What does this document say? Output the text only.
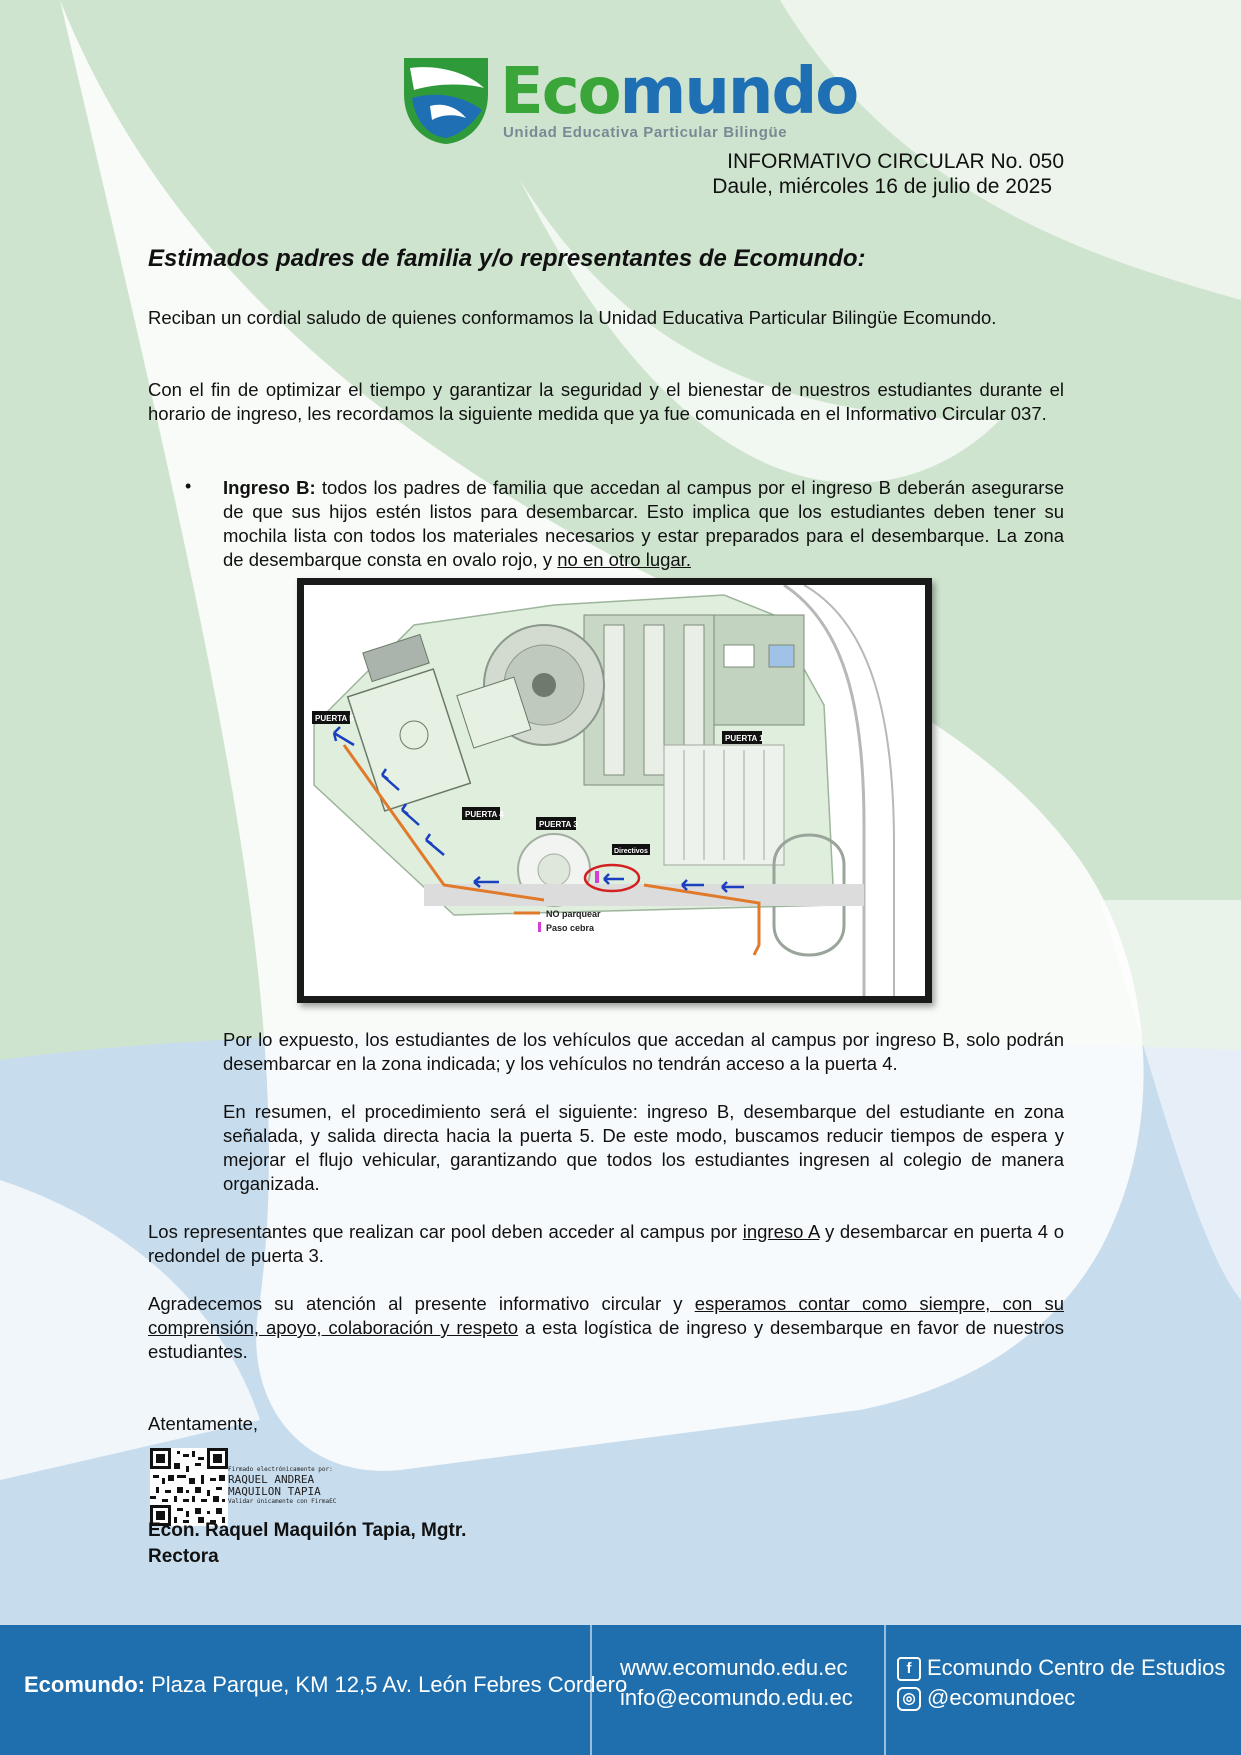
Ecomundo
Unidad Educativa Particular Bilingüe
INFORMATIVO CIRCULAR No. 050
Daule, miércoles 16 de julio de 2025
Estimados padres de familia y/o representantes de Ecomundo:

Reciban un cordial saludo de quienes conformamos la Unidad Educativa Particular Bilingüe Ecomundo.

Con el fin de optimizar el tiempo y garantizar la seguridad y el bienestar de nuestros estudiantes durante el horario de ingreso, les recordamos la siguiente medida que ya fue comunicada en el Informativo Circular 037.

• Ingreso B: todos los padres de familia que accedan al campus por el ingreso B deberán asegurarse de que sus hijos estén listos para desembarcar. Esto implica que los estudiantes deben tener su mochila lista con todos los materiales necesarios y estar preparados para el desembarque. La zona de desembarque consta en ovalo rojo, y no en otro lugar.
PUERTA 5
PUERTA 4
PUERTA 3
PUERTA 1
Directivos
NO parquear
Paso cebra

Por lo expuesto, los estudiantes de los vehículos que accedan al campus por ingreso B, solo podrán desembarcar en la zona indicada; y los vehículos no tendrán acceso a la puerta 4.

En resumen, el procedimiento será el siguiente: ingreso B, desembarque del estudiante en zona señalada, y salida directa hacia la puerta 5. De este modo, buscamos reducir tiempos de espera y mejorar el flujo vehicular, garantizando que todos los estudiantes ingresen al colegio de manera organizada.

Los representantes que realizan car pool deben acceder al campus por ingreso A y desembarcar en puerta 4 o redondel de puerta 3.

Agradecemos su atención al presente informativo circular y esperamos contar como siempre, con su comprensión, apoyo, colaboración y respeto a esta logística de ingreso y desembarque en favor de nuestros estudiantes.

Atentamente,
Firmado electrónicamente por:
RAQUEL ANDREA
MAQUILON TAPIA
Validar únicamente con FirmaEC
Econ. Raquel Maquilón Tapia, Mgtr.
Rectora
Ecomundo: Plaza Parque, KM 12,5 Av. León Febres Cordero
www.ecomundo.edu.ec
info@ecomundo.edu.ec
f Ecomundo Centro de Estudios
◎ @ecomundoec
